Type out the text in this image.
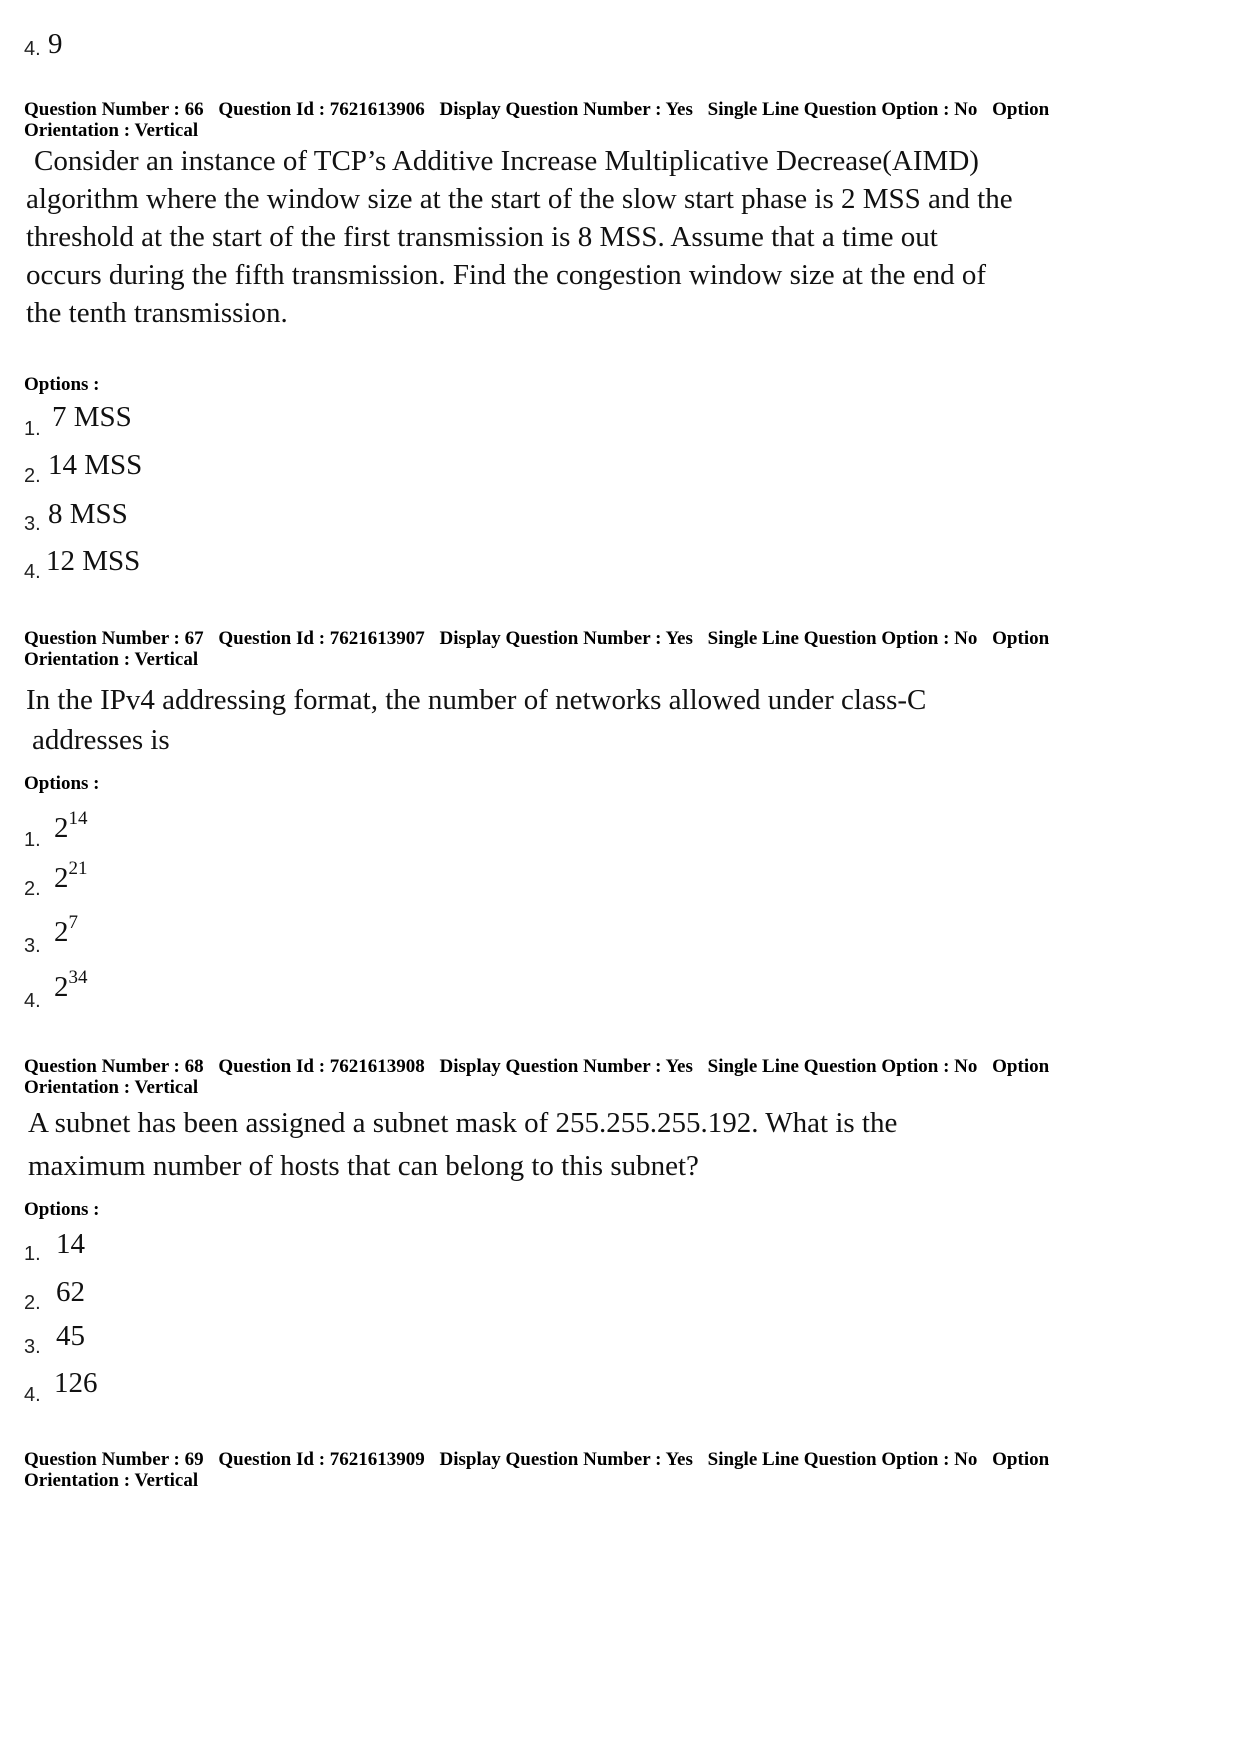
4. 9
Question Number : 66 Question Id : 7621613906 Display Question Number : Yes Single Line Question Option : No Option
Orientation : Vertical
Consider an instance of TCP’s Additive Increase Multiplicative Decrease(AIMD)
algorithm where the window size at the start of the slow start phase is 2 MSS and the
threshold at the start of the first transmission is 8 MSS. Assume that a time out
occurs during the fifth transmission. Find the congestion window size at the end of
the tenth transmission.
Options :
1. 7 MSS
2. 14 MSS
3. 8 MSS
4. 12 MSS
Question Number : 67 Question Id : 7621613907 Display Question Number : Yes Single Line Question Option : No Option
Orientation : Vertical
In the IPv4 addressing format, the number of networks allowed under class-C
addresses is
Options :
1. $2^{14}$
2. $2^{21}$
3. $2^7$
4. $2^{34}$
Question Number : 68 Question Id : 7621613908 Display Question Number : Yes Single Line Question Option : No Option
Orientation : Vertical
A subnet has been assigned a subnet mask of 255.255.255.192. What is the
maximum number of hosts that can belong to this subnet?
Options :
1. 14
2. 62
3. 45
4. 126
Question Number : 69 Question Id : 7621613909 Display Question Number : Yes Single Line Question Option : No Option
Orientation : Vertical
